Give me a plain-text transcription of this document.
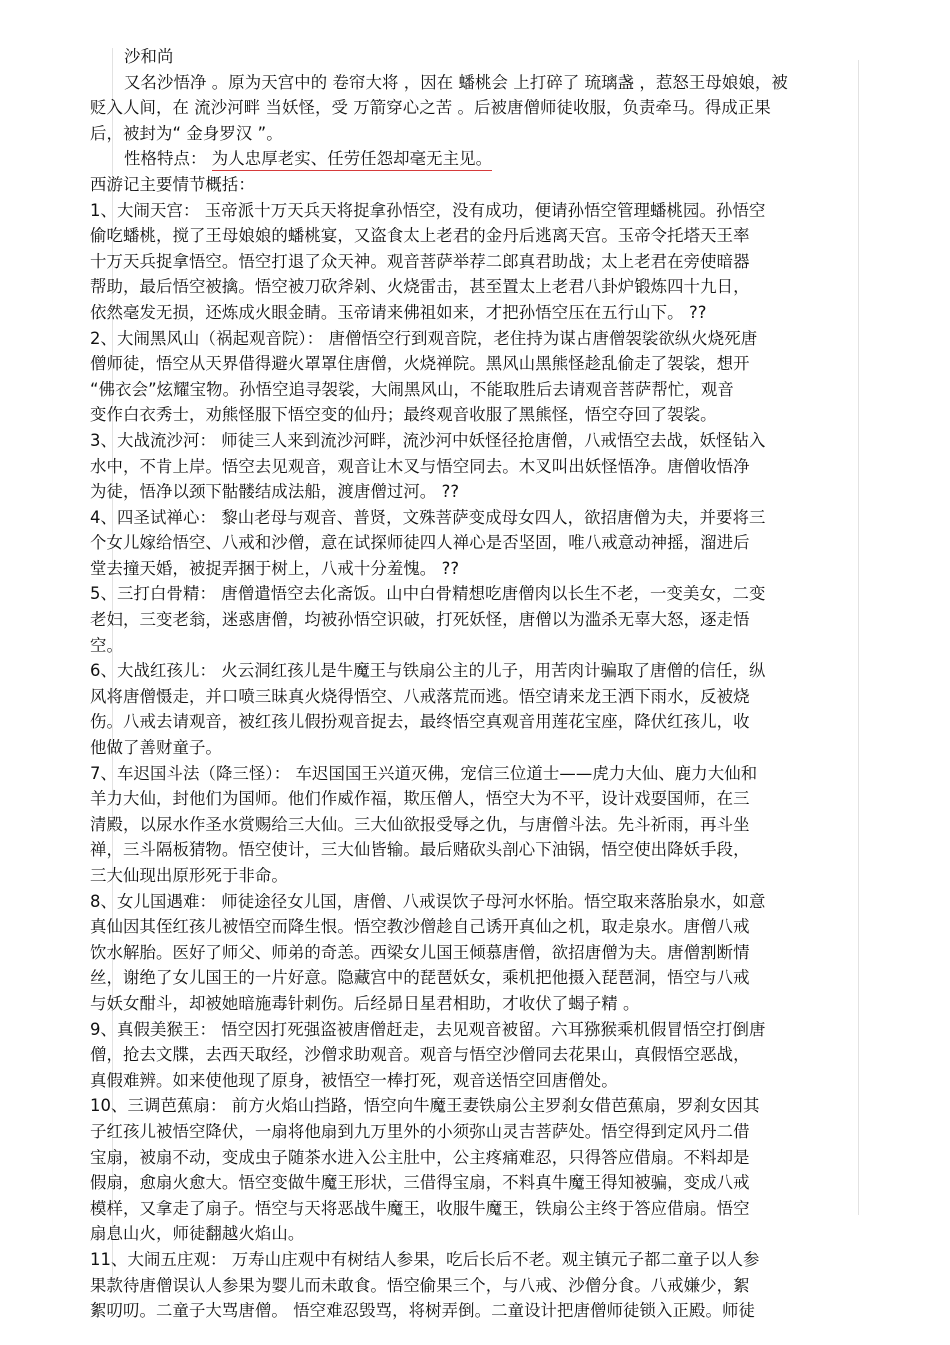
沙和尚

又名沙悟净 。原为天宫中的 卷帘大将 ，因在 蟠桃会 上打碎了 琉璃盏 ，惹怒王母娘娘，被

贬入人间，在 流沙河畔 当妖怪，受 万箭穿心之苦 。后被唐僧师徒收服，负责牵马。得成正果

后，被封为“ 金身罗汉 ”。

性格特点： 为人忠厚老实、任劳任怨却毫无主见。

西游记主要情节概括：

1、大闹天宫： 玉帝派十万天兵天将捉拿孙悟空，没有成功，便请孙悟空管理蟠桃园。孙悟空

偷吃蟠桃，搅了王母娘娘的蟠桃宴，又盗食太上老君的金丹后逃离天宫。玉帝令托塔天王率

十万天兵捉拿悟空。悟空打退了众天神。观音菩萨举荐二郎真君助战；太上老君在旁使暗器

帮助，最后悟空被擒。悟空被刀砍斧剁、火烧雷击，甚至置太上老君八卦炉锻炼四十九日，

依然毫发无损，还炼成火眼金睛。玉帝请来佛祖如来，才把孙悟空压在五行山下。 ??

2、大闹黑风山（祸起观音院）： 唐僧悟空行到观音院，老住持为谋占唐僧袈裟欲纵火烧死唐

僧师徒，悟空从天界借得避火罩罩住唐僧，火烧禅院。黑风山黑熊怪趁乱偷走了袈裟，想开

“佛衣会”炫耀宝物。孙悟空追寻袈裟，大闹黑风山，不能取胜后去请观音菩萨帮忙，观音

变作白衣秀士，劝熊怪服下悟空变的仙丹；最终观音收服了黑熊怪，悟空夺回了袈裟。

3、大战流沙河： 师徒三人来到流沙河畔，流沙河中妖怪径抢唐僧，八戒悟空去战，妖怪钻入

水中，不肯上岸。悟空去见观音，观音让木叉与悟空同去。木叉叫出妖怪悟净。唐僧收悟净

为徒，悟净以颈下骷髅结成法船，渡唐僧过河。 ??

4、四圣试禅心： 黎山老母与观音、普贤，文殊菩萨变成母女四人，欲招唐僧为夫，并要将三

个女儿嫁给悟空、八戒和沙僧，意在试探师徒四人禅心是否坚固，唯八戒意动神摇，溜进后

堂去撞天婚，被捉弄捆于树上，八戒十分羞愧。 ??

5、三打白骨精： 唐僧遣悟空去化斋饭。山中白骨精想吃唐僧肉以长生不老，一变美女，二变

老妇，三变老翁，迷惑唐僧，均被孙悟空识破，打死妖怪，唐僧以为滥杀无辜大怒，逐走悟

空。

6、大战红孩儿： 火云洞红孩儿是牛魔王与铁扇公主的儿子，用苦肉计骗取了唐僧的信任，纵

风将唐僧慑走，并口喷三昧真火烧得悟空、八戒落荒而逃。悟空请来龙王洒下雨水，反被烧

伤。八戒去请观音，被红孩儿假扮观音捉去，最终悟空真观音用莲花宝座，降伏红孩儿，收

他做了善财童子。

7、车迟国斗法（降三怪）： 车迟国国王兴道灭佛，宠信三位道士——虎力大仙、鹿力大仙和

羊力大仙，封他们为国师。他们作威作福，欺压僧人，悟空大为不平，设计戏耍国师，在三

清殿，以尿水作圣水赏赐给三大仙。三大仙欲报受辱之仇，与唐僧斗法。先斗祈雨，再斗坐

禅，三斗隔板猜物。悟空使计，三大仙皆输。最后赌砍头剖心下油锅，悟空使出降妖手段，

三大仙现出原形死于非命。

8、女儿国遇难： 师徒途径女儿国，唐僧、八戒误饮子母河水怀胎。悟空取来落胎泉水，如意

真仙因其侄红孩儿被悟空而降生恨。悟空教沙僧趁自己诱开真仙之机，取走泉水。唐僧八戒

饮水解胎。医好了师父、师弟的奇恙。西梁女儿国王倾慕唐僧，欲招唐僧为夫。唐僧割断情

丝，谢绝了女儿国王的一片好意。隐藏宫中的琵琶妖女，乘机把他摄入琵琶洞，悟空与八戒

与妖女酣斗，却被她暗施毒针刺伤。后经昴日星君相助，才收伏了蝎子精 。

9、真假美猴王： 悟空因打死强盗被唐僧赶走，去见观音被留。六耳猕猴乘机假冒悟空打倒唐

僧，抢去文牒，去西天取经，沙僧求助观音。观音与悟空沙僧同去花果山，真假悟空恶战，

真假难辨。如来使他现了原身，被悟空一棒打死，观音送悟空回唐僧处。

10、三调芭蕉扇： 前方火焰山挡路，悟空向牛魔王妻铁扇公主罗刹女借芭蕉扇，罗刹女因其

子红孩儿被悟空降伏，一扇将他扇到九万里外的小须弥山灵吉菩萨处。悟空得到定风丹二借

宝扇，被扇不动，变成虫子随茶水进入公主肚中，公主疼痛难忍，只得答应借扇。不料却是

假扇，愈扇火愈大。悟空变做牛魔王形状，三借得宝扇，不料真牛魔王得知被骗，变成八戒

模样，又拿走了扇子。悟空与天将恶战牛魔王，收服牛魔王，铁扇公主终于答应借扇。悟空

扇息山火，师徒翻越火焰山。

11、大闹五庄观： 万寿山庄观中有树结人参果，吃后长后不老。观主镇元子都二童子以人参

果款待唐僧误认人参果为婴儿而未敢食。悟空偷果三个，与八戒、沙僧分食。八戒嫌少，絮

絮叨叨。二童子大骂唐僧。 悟空难忍毁骂，将树弄倒。二童设计把唐僧师徒锁入正殿。师徒
